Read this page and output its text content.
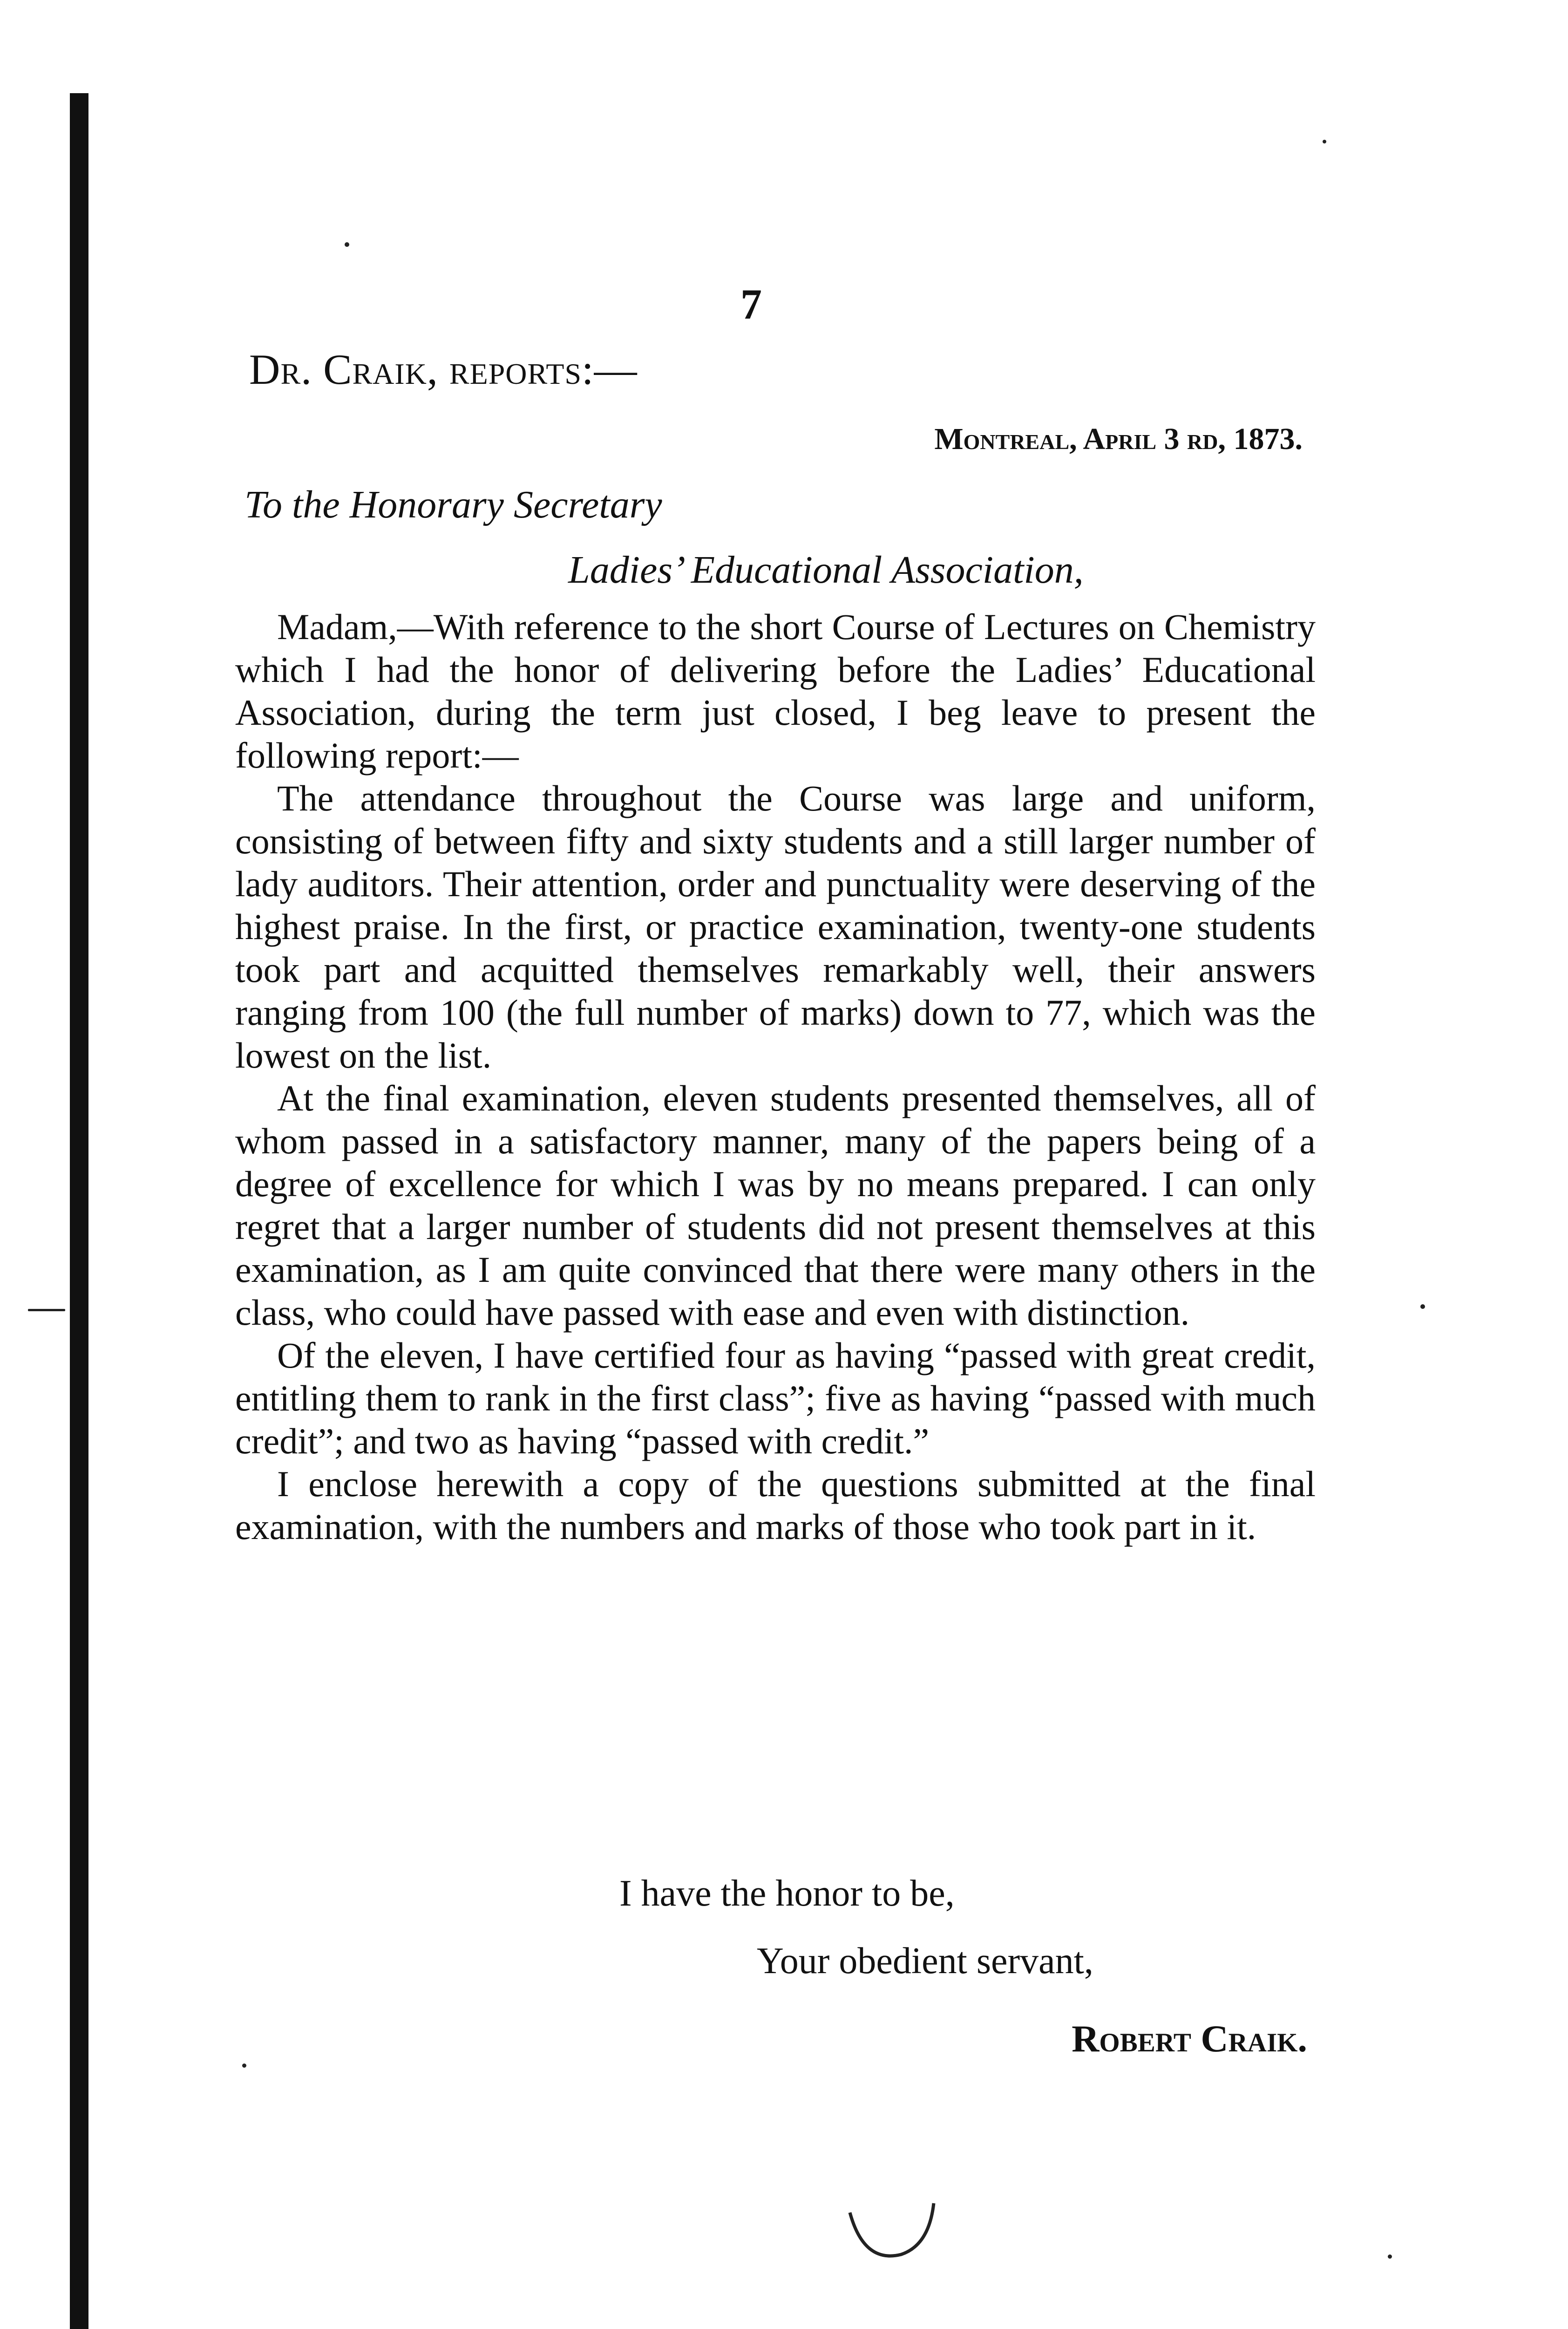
7
Dr. Craik, reports:—
Montreal, April 3 rd, 1873.
To the Honorary Secretary
Ladies’ Educational Association,

Madam,—With reference to the short Course of Lectures on Chemistry which I had the honor of delivering before the Ladies’ Educational Association, during the term just closed, I beg leave to present the following report:—

The attendance throughout the Course was large and uniform, consisting of between fifty and sixty students and a still larger number of lady auditors. Their attention, order and punctuality were deserving of the highest praise. In the first, or practice examination, twenty-one students took part and acquitted themselves remarkably well, their answers ranging from 100 (the full number of marks) down to 77, which was the lowest on the list.

At the final examination, eleven students presented themselves, all of whom passed in a satisfactory manner, many of the papers being of a degree of excellence for which I was by no means prepared. I can only regret that a larger number of students did not present themselves at this examination, as I am quite convinced that there were many others in the class, who could have passed with ease and even with distinction.

Of the eleven, I have certified four as having “passed with great credit, entitling them to rank in the first class”; five as having “passed with much credit”; and two as having “passed with credit.”

I enclose herewith a copy of the questions submitted at the final examination, with the numbers and marks of those who took part in it.

I have the honor to be,
Your obedient servant,
Robert Craik.
